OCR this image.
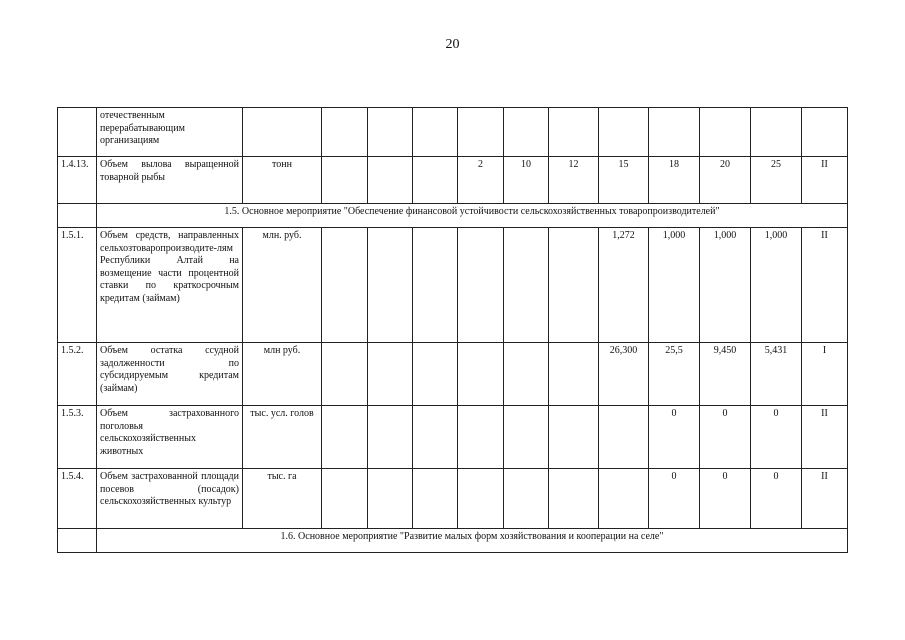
20
	отечественным перерабатывающим организациям												
1.4.13.	Объем вылова выращенной товарной рыбы	тонн				2	10	12	15	18	20	25	II
	1.5. Основное мероприятие "Обеспечение финансовой устойчивости сельскохозяйственных товаропроизводителей"												
1.5.1.	Объем средств, направленных сельхозтоваропроизводите-лям Республики Алтай на возмещение части процентной ставки по краткосрочным кредитам (займам)	млн. руб.							1,272	1,000	1,000	1,000	II
1.5.2.	Объем остатка ссудной задолженности по субсидируемым кредитам (займам)	млн руб.							26,300	25,5	9,450	5,431	I
1.5.3.	Объем застрахованного поголовья сельскохозяйственных животных	тыс. усл. голов								0	0	0	II
1.5.4.	Объем застрахованной площади посевов (посадок) сельскохозяйственных культур	тыс. га								0	0	0	II
	1.6. Основное мероприятие "Развитие малых форм хозяйствования и кооперации на селе"												
